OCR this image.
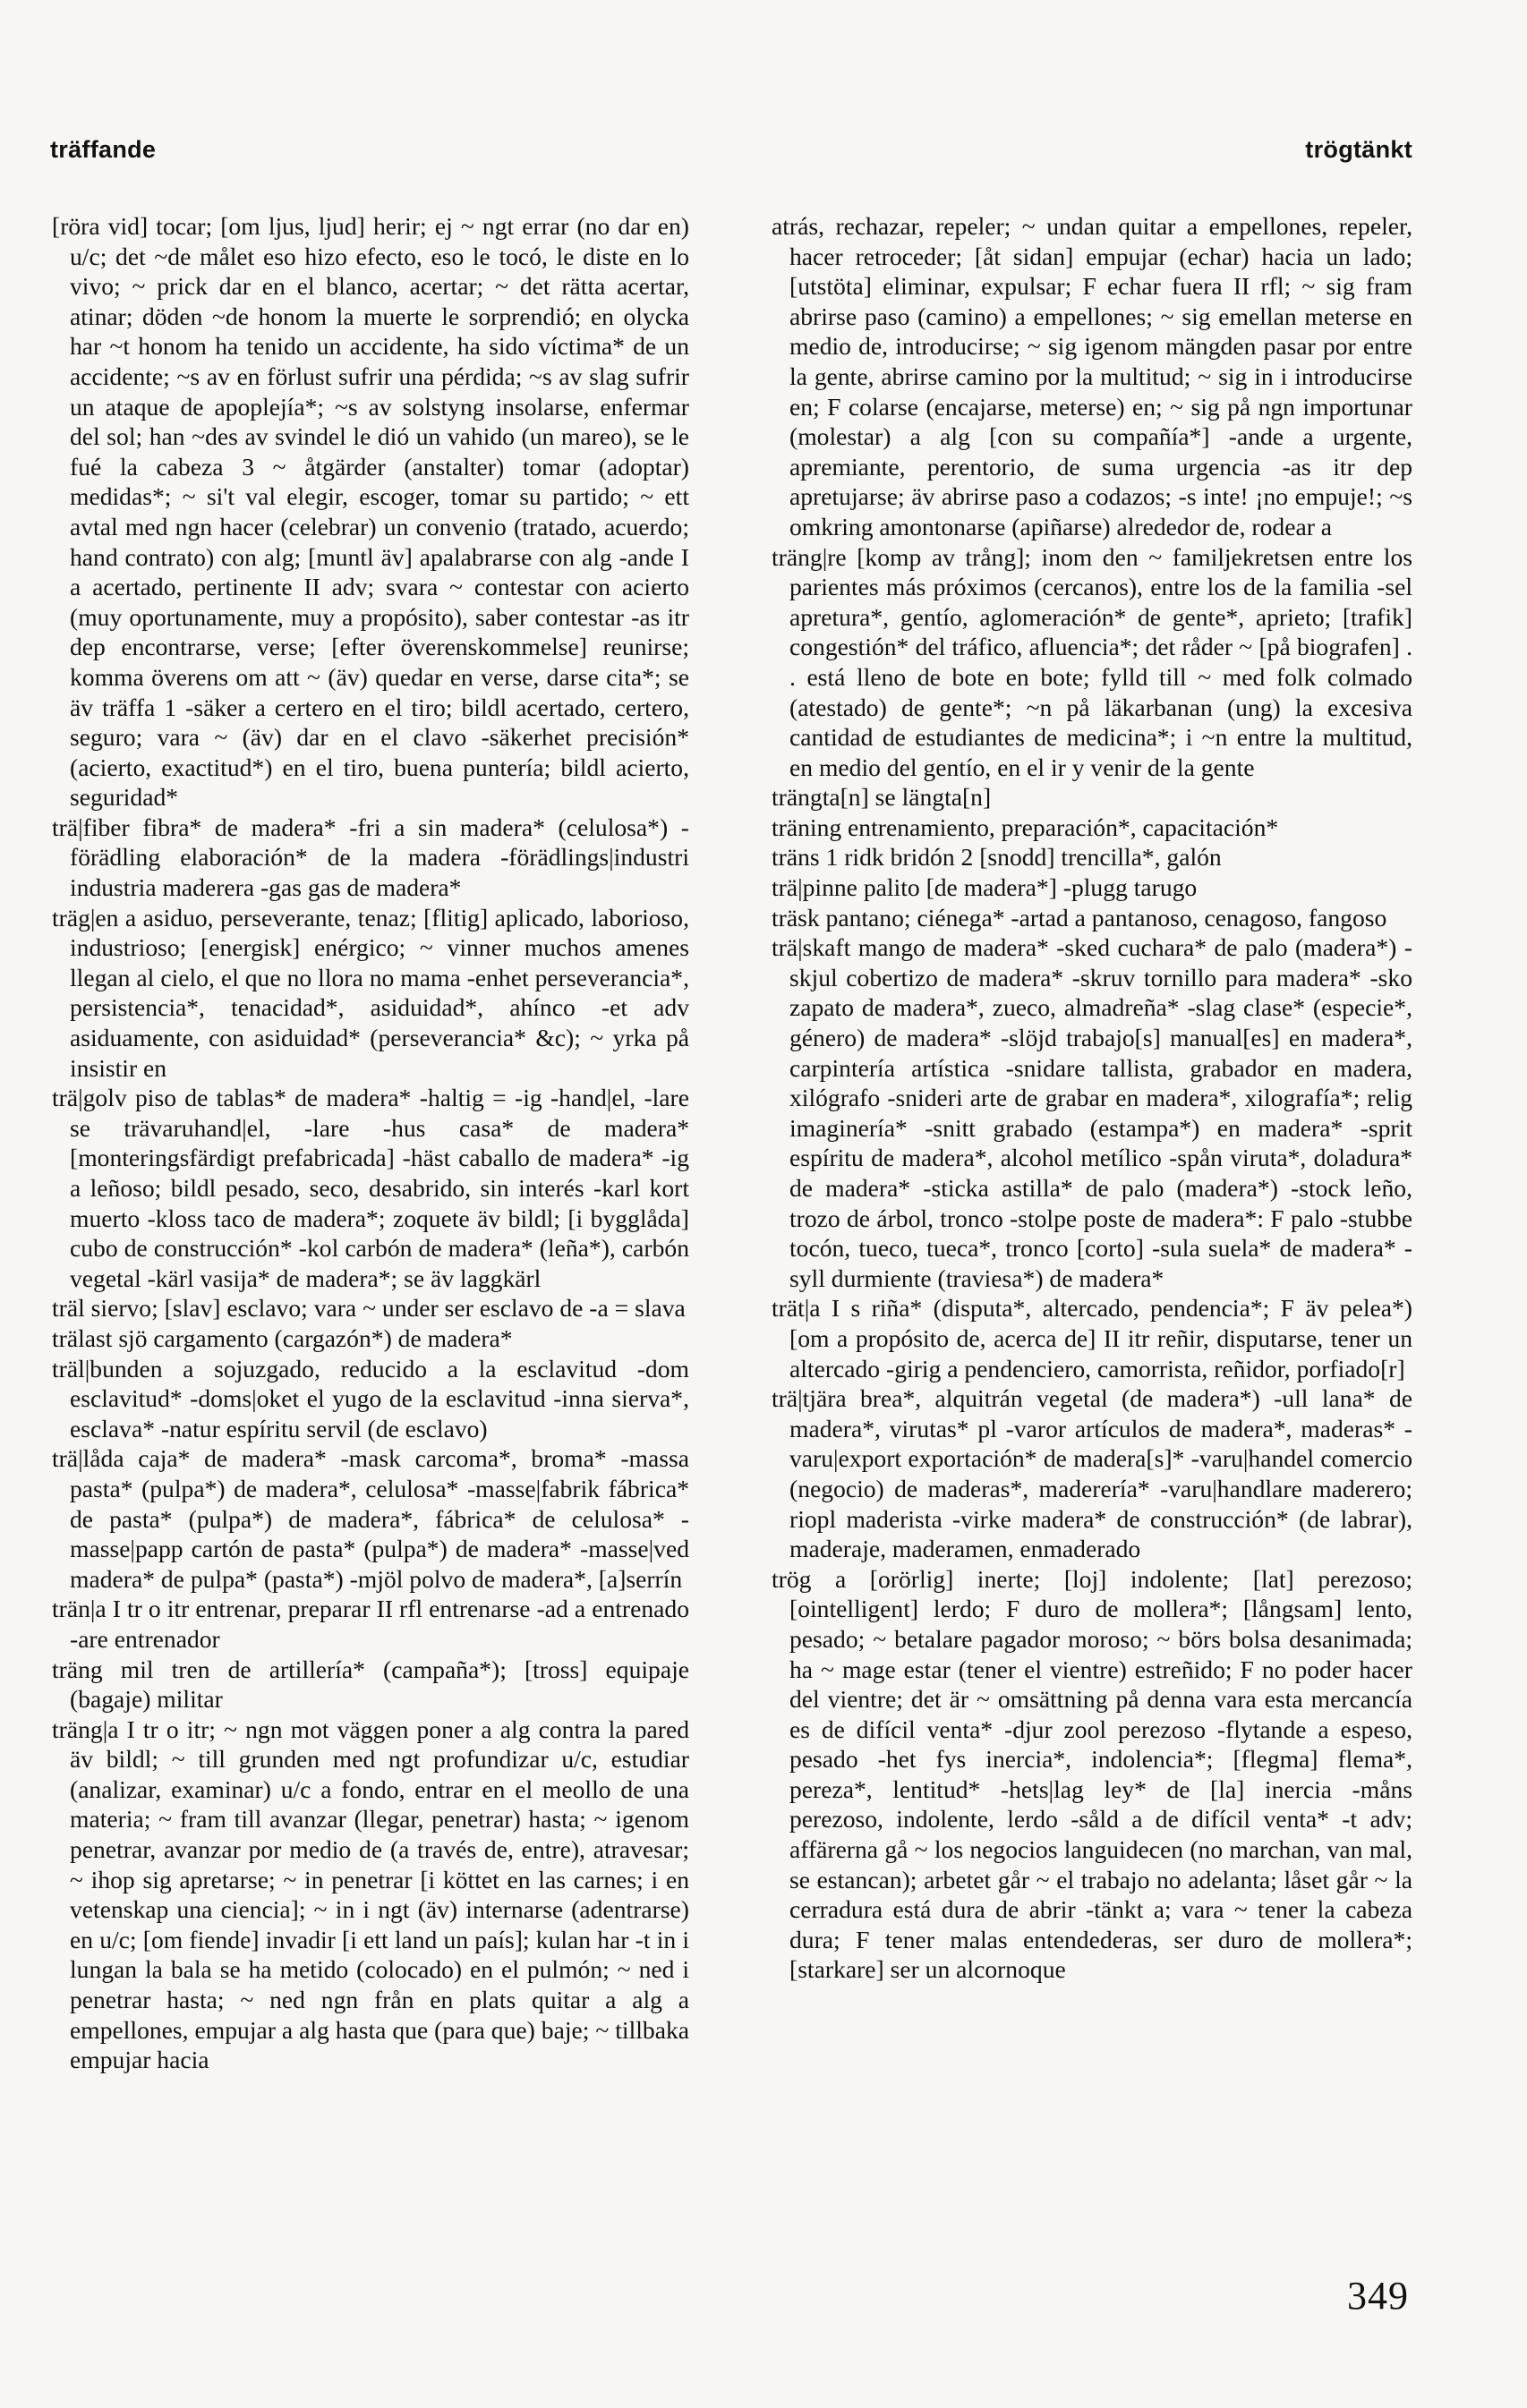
träffande	trögtänkt

[röra vid] tocar; [om ljus, ljud] herir; ej ~ ngt errar (no dar en) u/c; det ~de målet eso hizo efecto, eso le tocó, le diste en lo vivo; ~ prick dar en el blanco, acertar; ~ det rätta acertar, atinar; döden ~de honom la muerte le sorprendió; en olycka har ~t honom ha tenido un accidente, ha sido víctima* de un accidente; ~s av en förlust sufrir una pérdida; ~s av slag sufrir un ataque de apoplejía*; ~s av solstyng insolarse, enfermar del sol; han ~des av svindel le dió un vahido (un mareo), se le fué la cabeza 3 ~ åtgärder (anstalter) tomar (adoptar) medidas*; ~ si't val elegir, escoger, tomar su partido; ~ ett avtal med ngn hacer (celebrar) un convenio (tratado, acuerdo; hand contrato) con alg; [muntl äv] apalabrarse con alg -ande I a acertado, pertinente II adv; svara ~ contestar con acierto (muy oportunamente, muy a propósito), saber contestar -as itr dep encontrarse, verse; [efter överenskommelse] reunirse; komma överens om att ~ (äv) quedar en verse, darse cita*; se äv träffa 1 -säker a certero en el tiro; bildl acertado, certero, seguro; vara ~ (äv) dar en el clavo -säkerhet precisión* (acierto, exactitud*) en el tiro, buena puntería; bildl acierto, seguridad*

trä|fiber fibra* de madera* -fri a sin madera* (celulosa*) -förädling elaboración* de la madera -förädlings|industri industria maderera -gas gas de madera*

träg|en a asiduo, perseverante, tenaz; [flitig] aplicado, laborioso, industrioso; [energisk] enérgico; ~ vinner muchos amenes llegan al cielo, el que no llora no mama -enhet perseverancia*, persistencia*, tenacidad*, asiduidad*, ahínco -et adv asiduamente, con asiduidad* (perseverancia* &c); ~ yrka på insistir en

trä|golv piso de tablas* de madera* -haltig = -ig -hand|el, -lare se trävaruhand|el, -lare -hus casa* de madera* [monteringsfärdigt prefabricada] -häst caballo de madera* -ig a leñoso; bildl pesado, seco, desabrido, sin interés -karl kort muerto -kloss taco de madera*; zoquete äv bildl; [i bygglåda] cubo de construcción* -kol carbón de madera* (leña*), carbón vegetal -kärl vasija* de madera*; se äv laggkärl

träl siervo; [slav] esclavo; vara ~ under ser esclavo de -a = slava

trälast sjö cargamento (cargazón*) de madera*

träl|bunden a sojuzgado, reducido a la esclavitud -dom esclavitud* -doms|oket el yugo de la esclavitud -inna sierva*, esclava* -natur espíritu servil (de esclavo)

trä|låda caja* de madera* -mask carcoma*, broma* -massa pasta* (pulpa*) de madera*, celulosa* -masse|fabrik fábrica* de pasta* (pulpa*) de madera*, fábrica* de celulosa* -masse|papp cartón de pasta* (pulpa*) de madera* -masse|ved madera* de pulpa* (pasta*) -mjöl polvo de madera*, [a]serrín

trän|a I tr o itr entrenar, preparar II rfl entrenarse -ad a entrenado -are entrenador

träng mil tren de artillería* (campaña*); [tross] equipaje (bagaje) militar

träng|a I tr o itr; ~ ngn mot väggen poner a alg contra la pared äv bildl; ~ till grunden med ngt profundizar u/c, estudiar (analizar, examinar) u/c a fondo, entrar en el meollo de una materia; ~ fram till avanzar (llegar, penetrar) hasta; ~ igenom penetrar, avanzar por medio de (a través de, entre), atravesar; ~ ihop sig apretarse; ~ in penetrar [i köttet en las carnes; i en vetenskap una ciencia]; ~ in i ngt (äv) internarse (adentrarse) en u/c; [om fiende] invadir [i ett land un país]; kulan har -t in i lungan la bala se ha metido (colocado) en el pulmón; ~ ned i penetrar hasta; ~ ned ngn från en plats quitar a alg a empellones, empujar a alg hasta que (para que) baje; ~ tillbaka empujar hacia

atrás, rechazar, repeler; ~ undan quitar a empellones, repeler, hacer retroceder; [åt sidan] empujar (echar) hacia un lado; [utstöta] eliminar, expulsar; F echar fuera II rfl; ~ sig fram abrirse paso (camino) a empellones; ~ sig emellan meterse en medio de, introducirse; ~ sig igenom mängden pasar por entre la gente, abrirse camino por la multitud; ~ sig in i introducirse en; F colarse (encajarse, meterse) en; ~ sig på ngn importunar (molestar) a alg [con su compañía*] -ande a urgente, apremiante, perentorio, de suma urgencia -as itr dep apretujarse; äv abrirse paso a codazos; -s inte! ¡no empuje!; ~s omkring amontonarse (apiñarse) alrededor de, rodear a

träng|re [komp av trång]; inom den ~ familjekretsen entre los parientes más próximos (cercanos), entre los de la familia -sel apretura*, gentío, aglomeración* de gente*, aprieto; [trafik] congestión* del tráfico, afluencia*; det råder ~ [på biografen] . . está lleno de bote en bote; fylld till ~ med folk colmado (atestado) de gente*; ~n på läkarbanan (ung) la excesiva cantidad de estudiantes de medicina*; i ~n entre la multitud, en medio del gentío, en el ir y venir de la gente

trängta[n] se längta[n]

träning entrenamiento, preparación*, capacitación*

träns 1 ridk bridón 2 [snodd] trencilla*, galón

trä|pinne palito [de madera*] -plugg tarugo

träsk pantano; ciénega* -artad a pantanoso, cenagoso, fangoso

trä|skaft mango de madera* -sked cuchara* de palo (madera*) -skjul cobertizo de madera* -skruv tornillo para madera* -sko zapato de madera*, zueco, almadreña* -slag clase* (especie*, género) de madera* -slöjd trabajo[s] manual[es] en madera*, carpintería artística -snidare tallista, grabador en madera, xilógrafo -snideri arte de grabar en madera*, xilografía*; relig imaginería* -snitt grabado (estampa*) en madera* -sprit espíritu de madera*, alcohol metílico -spån viruta*, doladura* de madera* -sticka astilla* de palo (madera*) -stock leño, trozo de árbol, tronco -stolpe poste de madera*: F palo -stubbe tocón, tueco, tueca*, tronco [corto] -sula suela* de madera* -syll durmiente (traviesa*) de madera*

trät|a I s riña* (disputa*, altercado, pendencia*; F äv pelea*) [om a propósito de, acerca de] II itr reñir, disputarse, tener un altercado -girig a pendenciero, camorrista, reñidor, porfiado[r]

trä|tjära brea*, alquitrán vegetal (de madera*) -ull lana* de madera*, virutas* pl -varor artículos de madera*, maderas* -varu|export exportación* de madera[s]* -varu|handel comercio (negocio) de maderas*, maderería* -varu|handlare maderero; riopl maderista -virke madera* de construcción* (de labrar), maderaje, maderamen, enmaderado

trög a [orörlig] inerte; [loj] indolente; [lat] perezoso; [ointelligent] lerdo; F duro de mollera*; [långsam] lento, pesado; ~ betalare pagador moroso; ~ börs bolsa desanimada; ha ~ mage estar (tener el vientre) estreñido; F no poder hacer del vientre; det är ~ omsättning på denna vara esta mercancía es de difícil venta* -djur zool perezoso -flytande a espeso, pesado -het fys inercia*, indolencia*; [flegma] flema*, pereza*, lentitud* -hets|lag ley* de [la] inercia -måns perezoso, indolente, lerdo -såld a de difícil venta* -t adv; affärerna gå ~ los negocios languidecen (no marchan, van mal, se estancan); arbetet går ~ el trabajo no adelanta; låset går ~ la cerradura está dura de abrir -tänkt a; vara ~ tener la cabeza dura; F tener malas entendederas, ser duro de mollera*; [starkare] ser un alcornoque

349
